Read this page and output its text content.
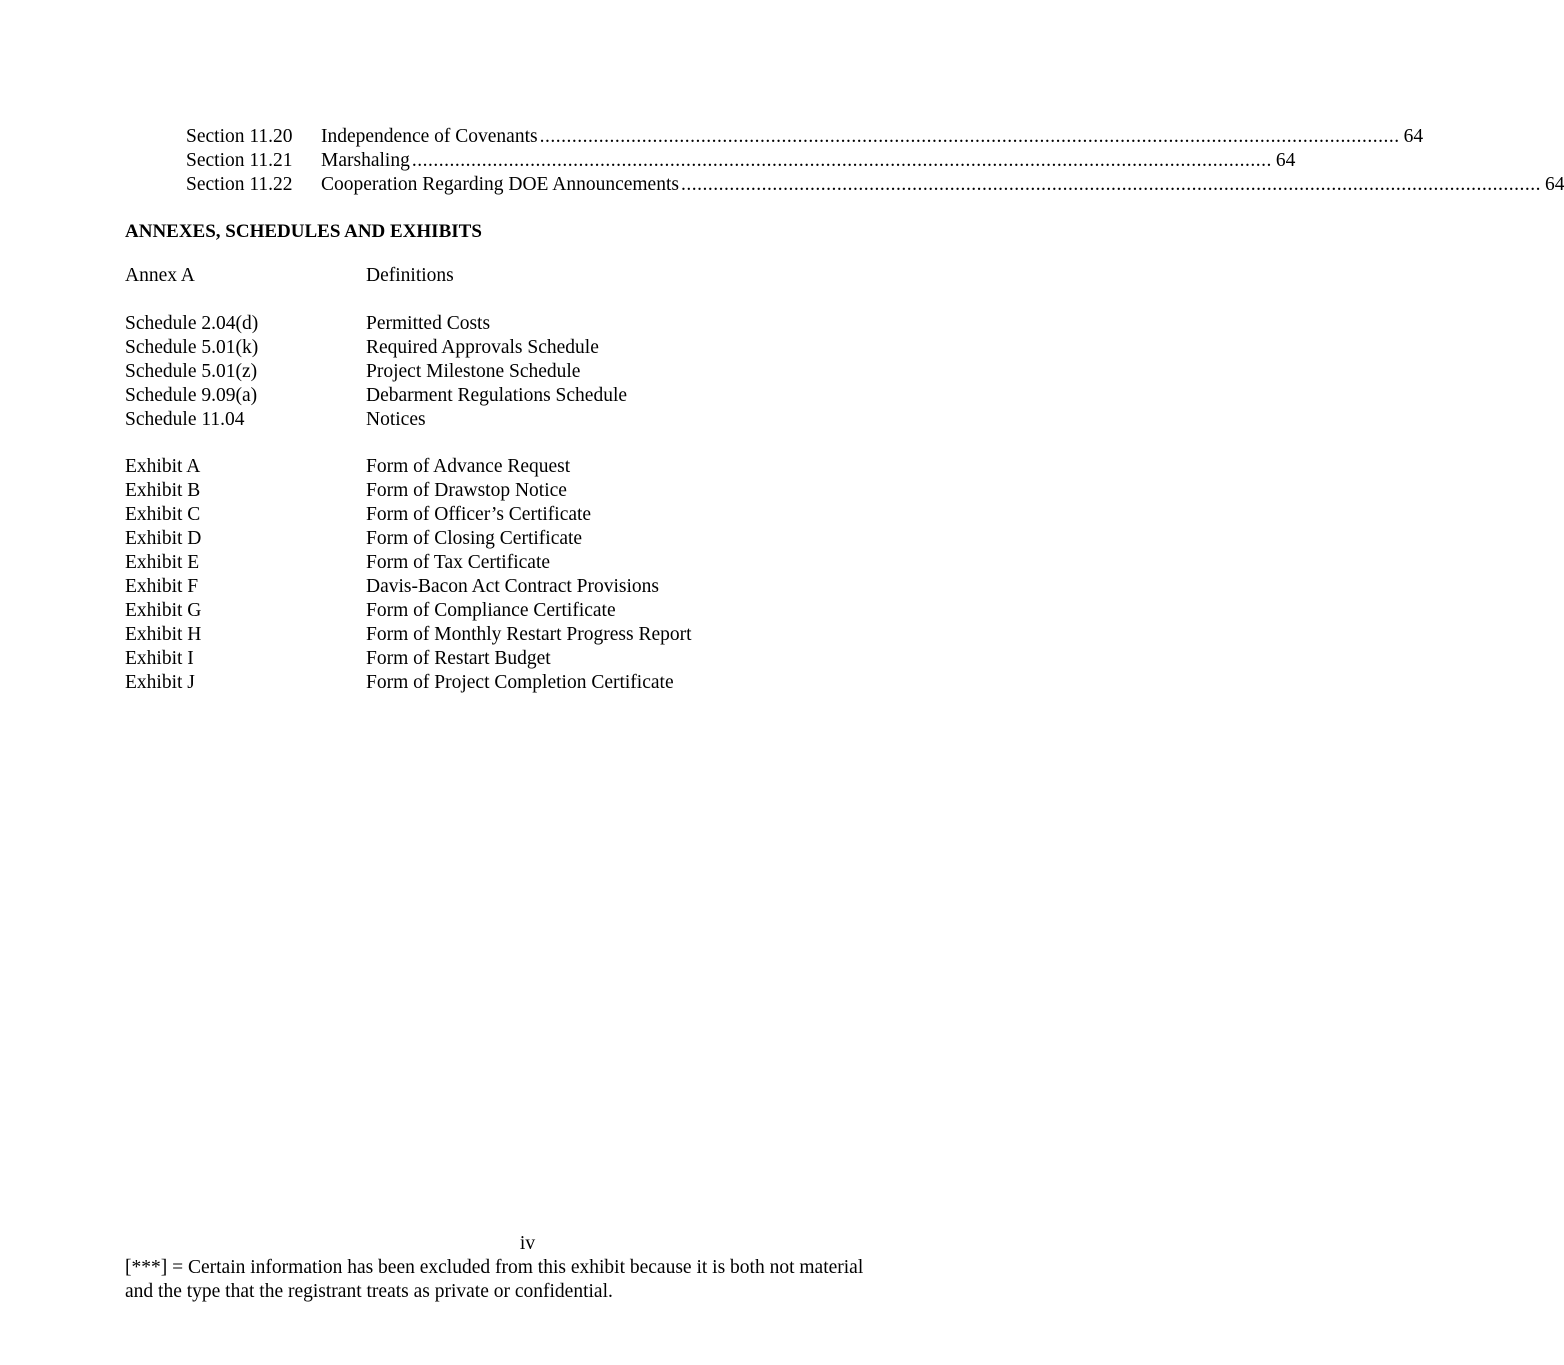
Section 11.20	Independence of Covenants ................................................................................................................................................................ 64
Section 11.21	Marshaling ................................................................................................................................................................ 64
Section 11.22	Cooperation Regarding DOE Announcements ................................................................................................................................................................ 64
ANNEXES, SCHEDULES AND EXHIBITS
Annex A	Definitions
Schedule 2.04(d)	Permitted Costs
Schedule 5.01(k)	Required Approvals Schedule
Schedule 5.01(z)	Project Milestone Schedule
Schedule 9.09(a)	Debarment Regulations Schedule
Schedule 11.04	Notices
Exhibit A	Form of Advance Request
Exhibit B	Form of Drawstop Notice
Exhibit C	Form of Officer’s Certificate
Exhibit D	Form of Closing Certificate
Exhibit E	Form of Tax Certificate
Exhibit F	Davis-Bacon Act Contract Provisions
Exhibit G	Form of Compliance Certificate
Exhibit H	Form of Monthly Restart Progress Report
Exhibit I	Form of Restart Budget
Exhibit J	Form of Project Completion Certificate
iv
[***] = Certain information has been excluded from this exhibit because it is both not material
and the type that the registrant treats as private or confidential.
